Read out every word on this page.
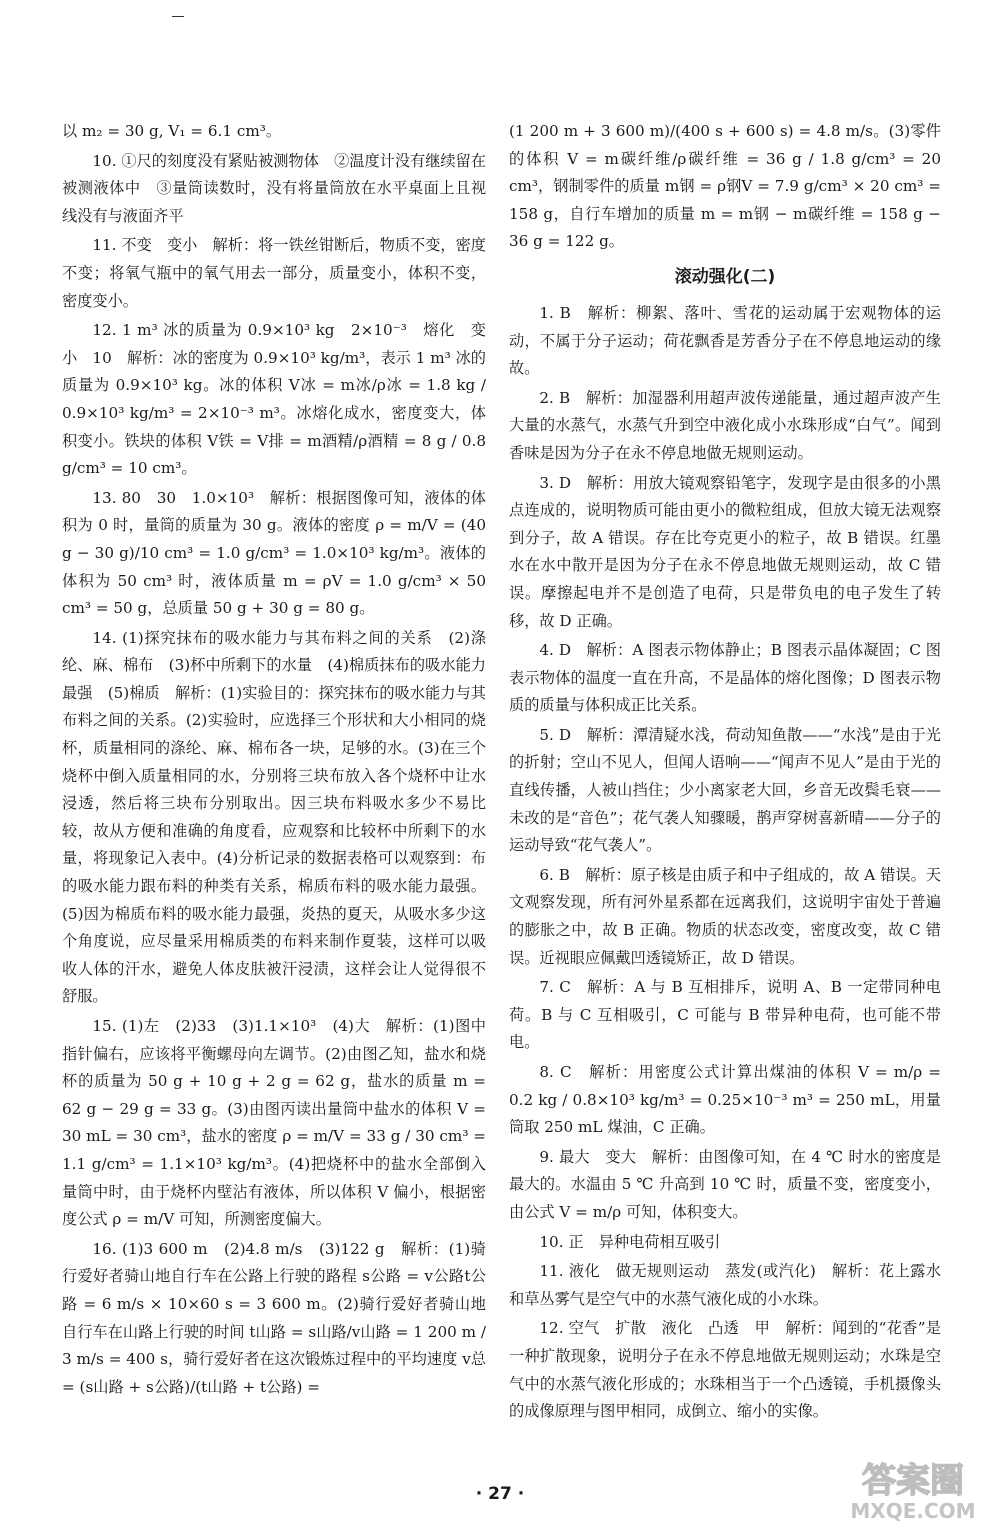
以 m₂ = 30 g, V₁ = 6.1 cm³。

10. ①尺的刻度没有紧贴被测物体　②温度计没有继续留在被测液体中　③量筒读数时，没有将量筒放在水平桌面上且视线没有与液面齐平

11. 不变　变小　解析：将一铁丝钳断后，物质不变，密度不变；将氧气瓶中的氧气用去一部分，质量变小，体积不变，密度变小。

12. 1 m³ 冰的质量为 0.9×10³ kg　2×10⁻³　熔化　变小　10　解析：冰的密度为 0.9×10³ kg/m³，表示 1 m³ 冰的质量为 0.9×10³ kg。冰的体积 V冰 = m冰/ρ冰 = 1.8 kg / 0.9×10³ kg/m³ = 2×10⁻³ m³。冰熔化成水，密度变大，体积变小。铁块的体积 V铁 = V排 = m酒精/ρ酒精 = 8 g / 0.8 g/cm³ = 10 cm³。

13. 80　30　1.0×10³　解析：根据图像可知，液体的体积为 0 时，量筒的质量为 30 g。液体的密度 ρ = m/V = (40 g − 30 g)/10 cm³ = 1.0 g/cm³ = 1.0×10³ kg/m³。液体的体积为 50 cm³ 时，液体质量 m = ρV = 1.0 g/cm³ × 50 cm³ = 50 g，总质量 50 g + 30 g = 80 g。

14. (1)探究抹布的吸水能力与其布料之间的关系　(2)涤纶、麻、棉布　(3)杯中所剩下的水量　(4)棉质抹布的吸水能力最强　(5)棉质　解析：(1)实验目的：探究抹布的吸水能力与其布料之间的关系。(2)实验时，应选择三个形状和大小相同的烧杯，质量相同的涤纶、麻、棉布各一块，足够的水。(3)在三个烧杯中倒入质量相同的水，分别将三块布放入各个烧杯中让水浸透，然后将三块布分别取出。因三块布料吸水多少不易比较，故从方便和准确的角度看，应观察和比较杯中所剩下的水量，将现象记入表中。(4)分析记录的数据表格可以观察到：布的吸水能力跟布料的种类有关系，棉质布料的吸水能力最强。(5)因为棉质布料的吸水能力最强，炎热的夏天，从吸水多少这个角度说，应尽量采用棉质类的布料来制作夏装，这样可以吸收人体的汗水，避免人体皮肤被汗浸渍，这样会让人觉得很不舒服。

15. (1)左　(2)33　(3)1.1×10³　(4)大　解析：(1)图中指针偏右，应该将平衡螺母向左调节。(2)由图乙知，盐水和烧杯的质量为 50 g + 10 g + 2 g = 62 g，盐水的质量 m = 62 g − 29 g = 33 g。(3)由图丙读出量筒中盐水的体积 V = 30 mL = 30 cm³，盐水的密度 ρ = m/V = 33 g / 30 cm³ = 1.1 g/cm³ = 1.1×10³ kg/m³。(4)把烧杯中的盐水全部倒入量筒中时，由于烧杯内壁沾有液体，所以体积 V 偏小，根据密度公式 ρ = m/V 可知，所测密度偏大。

16. (1)3 600 m　(2)4.8 m/s　(3)122 g　解析：(1)骑行爱好者骑山地自行车在公路上行驶的路程 s公路 = v公路t公路 = 6 m/s × 10×60 s = 3 600 m。(2)骑行爱好者骑山地自行车在山路上行驶的时间 t山路 = s山路/v山路 = 1 200 m / 3 m/s = 400 s，骑行爱好者在这次锻炼过程中的平均速度 v总 = (s山路 + s公路)/(t山路 + t公路) =

(1 200 m + 3 600 m)/(400 s + 600 s) = 4.8 m/s。(3)零件的体积 V = m碳纤维/ρ碳纤维 = 36 g / 1.8 g/cm³ = 20 cm³，钢制零件的质量 m钢 = ρ钢V = 7.9 g/cm³ × 20 cm³ = 158 g，自行车增加的质量 m = m钢 − m碳纤维 = 158 g − 36 g = 122 g。

滚动强化(二)

1. B　解析：柳絮、落叶、雪花的运动属于宏观物体的运动，不属于分子运动；荷花飘香是芳香分子在不停息地运动的缘故。

2. B　解析：加湿器利用超声波传递能量，通过超声波产生大量的水蒸气，水蒸气升到空中液化成小水珠形成“白气”。闻到香味是因为分子在永不停息地做无规则运动。

3. D　解析：用放大镜观察铅笔字，发现字是由很多的小黑点连成的，说明物质可能由更小的微粒组成，但放大镜无法观察到分子，故 A 错误。存在比夸克更小的粒子，故 B 错误。红墨水在水中散开是因为分子在永不停息地做无规则运动，故 C 错误。摩擦起电并不是创造了电荷，只是带负电的电子发生了转移，故 D 正确。

4. D　解析：A 图表示物体静止；B 图表示晶体凝固；C 图表示物体的温度一直在升高，不是晶体的熔化图像；D 图表示物质的质量与体积成正比关系。

5. D　解析：潭清疑水浅，荷动知鱼散——“水浅”是由于光的折射；空山不见人，但闻人语响——“闻声不见人”是由于光的直线传播，人被山挡住；少小离家老大回，乡音无改鬓毛衰——未改的是“音色”；花气袭人知骤暖，鹊声穿树喜新晴——分子的运动导致“花气袭人”。

6. B　解析：原子核是由质子和中子组成的，故 A 错误。天文观察发现，所有河外星系都在远离我们，这说明宇宙处于普遍的膨胀之中，故 B 正确。物质的状态改变，密度改变，故 C 错误。近视眼应佩戴凹透镜矫正，故 D 错误。

7. C　解析：A 与 B 互相排斥，说明 A、B 一定带同种电荷。B 与 C 互相吸引，C 可能与 B 带异种电荷，也可能不带电。

8. C　解析：用密度公式计算出煤油的体积 V = m/ρ = 0.2 kg / 0.8×10³ kg/m³ = 0.25×10⁻³ m³ = 250 mL，用量筒取 250 mL 煤油，C 正确。

9. 最大　变大　解析：由图像可知，在 4 ℃ 时水的密度是最大的。水温由 5 ℃ 升高到 10 ℃ 时，质量不变，密度变小，由公式 V = m/ρ 可知，体积变大。

10. 正　异种电荷相互吸引

11. 液化　做无规则运动　蒸发(或汽化)　解析：花上露水和草丛雾气是空气中的水蒸气液化成的小水珠。

12. 空气　扩散　液化　凸透　甲　解析：闻到的“花香”是一种扩散现象，说明分子在永不停息地做无规则运动；水珠是空气中的水蒸气液化形成的；水珠相当于一个凸透镜，手机摄像头的成像原理与图甲相同，成倒立、缩小的实像。

· 27 ·	答案圈
MXQE.COM
